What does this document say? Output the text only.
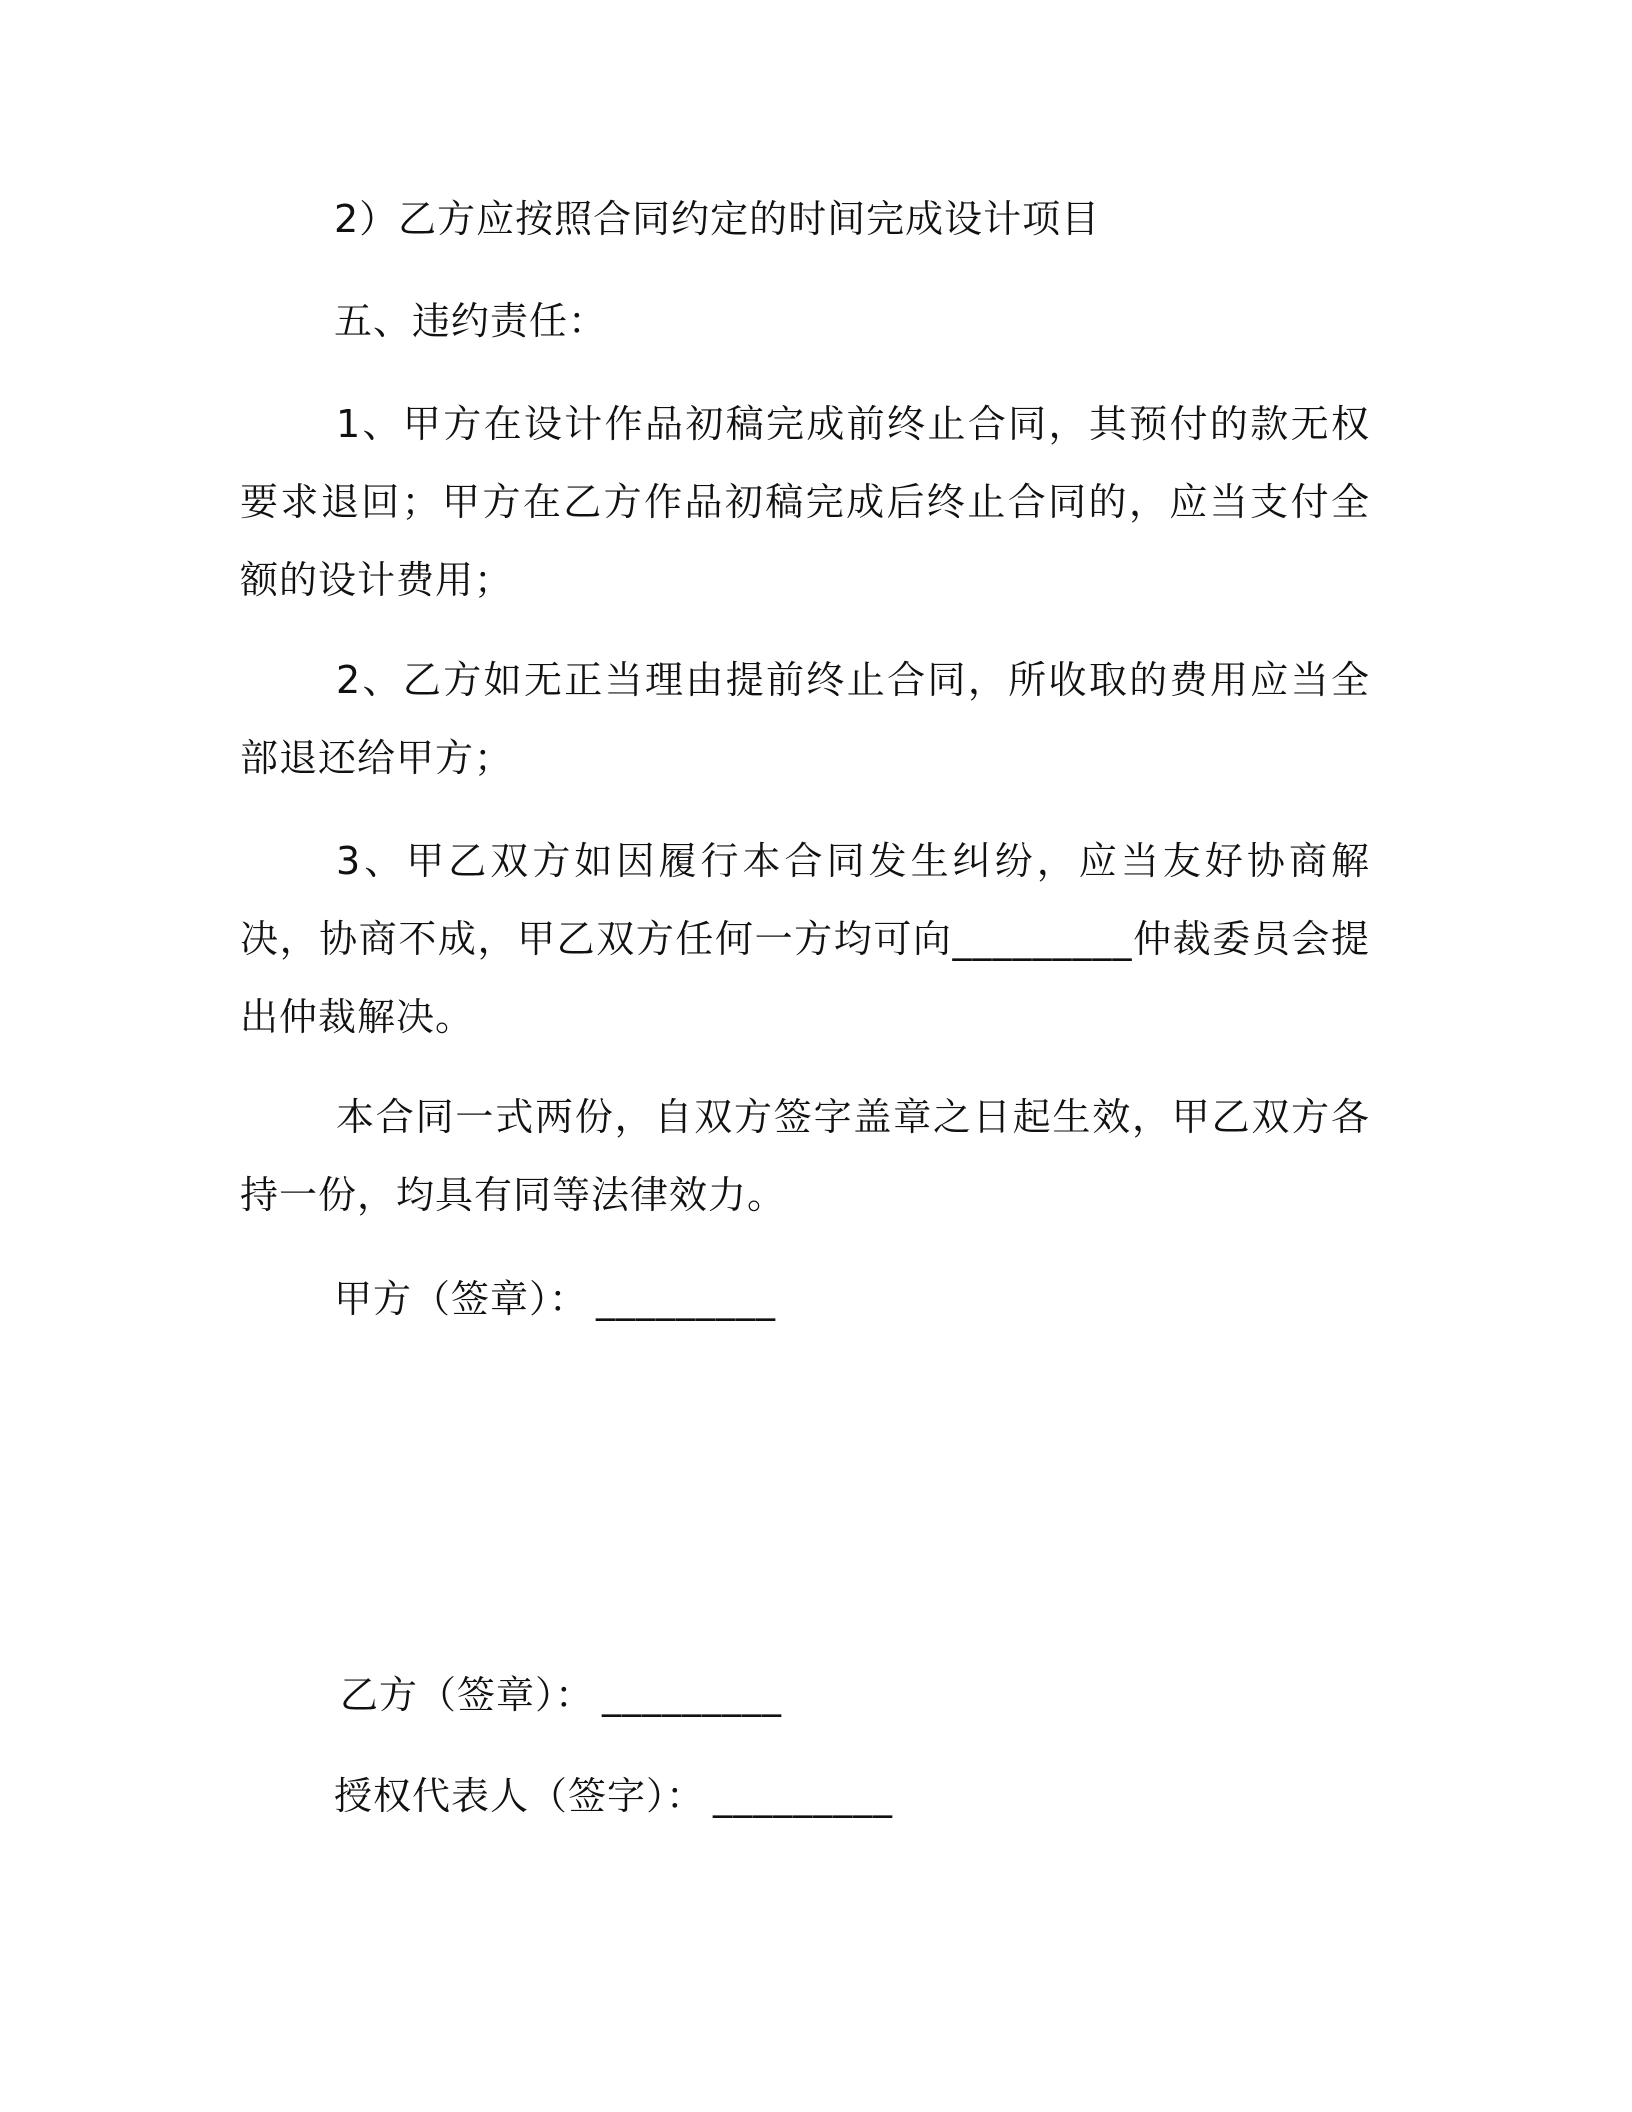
2）乙方应按照合同约定的时间完成设计项目
五、违约责任：
1、甲方在设计作品初稿完成前终止合同，其预付的款无权要求退回；甲方在乙方作品初稿完成后终止合同的，应当支付全额的设计费用；
2、乙方如无正当理由提前终止合同，所收取的费用应当全部退还给甲方；
3、甲乙双方如因履行本合同发生纠纷，应当友好协商解决，协商不成，甲乙双方任何一方均可向_________仲裁委员会提出仲裁解决。
本合同一式两份，自双方签字盖章之日起生效，甲乙双方各持一份，均具有同等法律效力。
甲方（签章）： _________
乙方（签章）： _________
授权代表人（签字）： _________
